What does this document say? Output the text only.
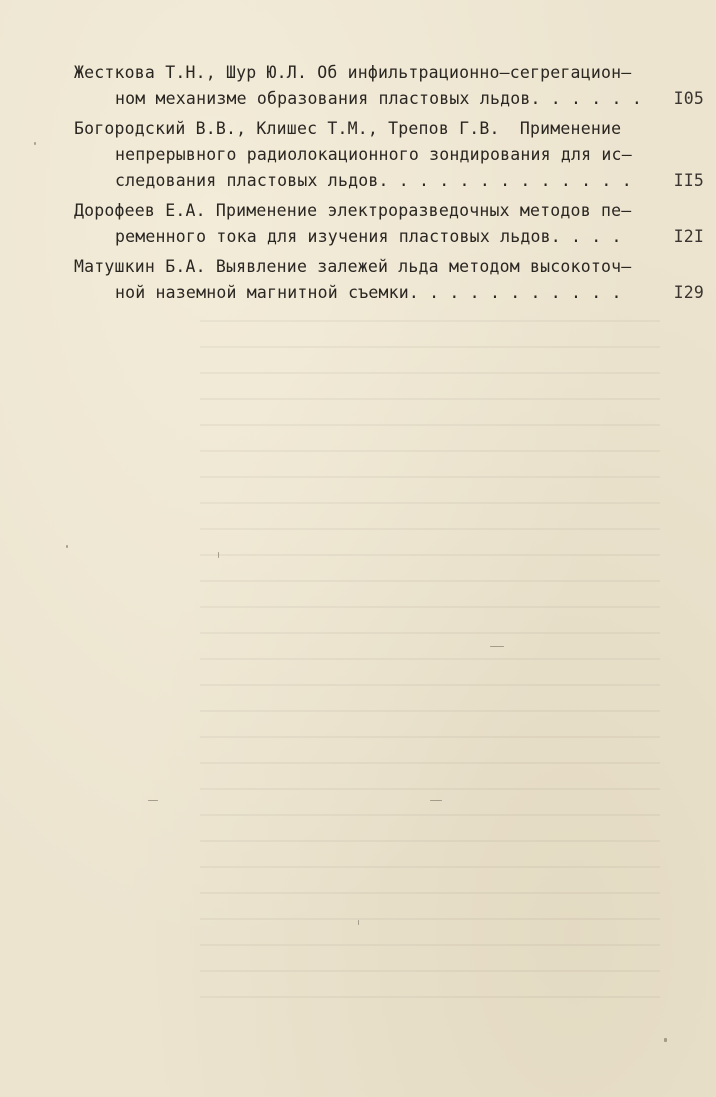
Жесткова Т.Н., Шур Ю.Л. Об инфильтрационно–сегрегацион–
ном механизме образования пластовых льдов. . . . . .	I05
Богородский В.В., Клишес Т.М., Трепов Г.В.  Применение
непрерывного радиолокационного зондирования для ис–
следования пластовых льдов. . . . . . . . . . . . .	II5
Дорофеев Е.А. Применение электроразведочных методов пе–
ременного тока для изучения пластовых льдов. . . .	I2I
Матушкин Б.А. Выявление залежей льда методом высокоточ–
ной наземной магнитной съемки. . . . . . . . . . .	I29
